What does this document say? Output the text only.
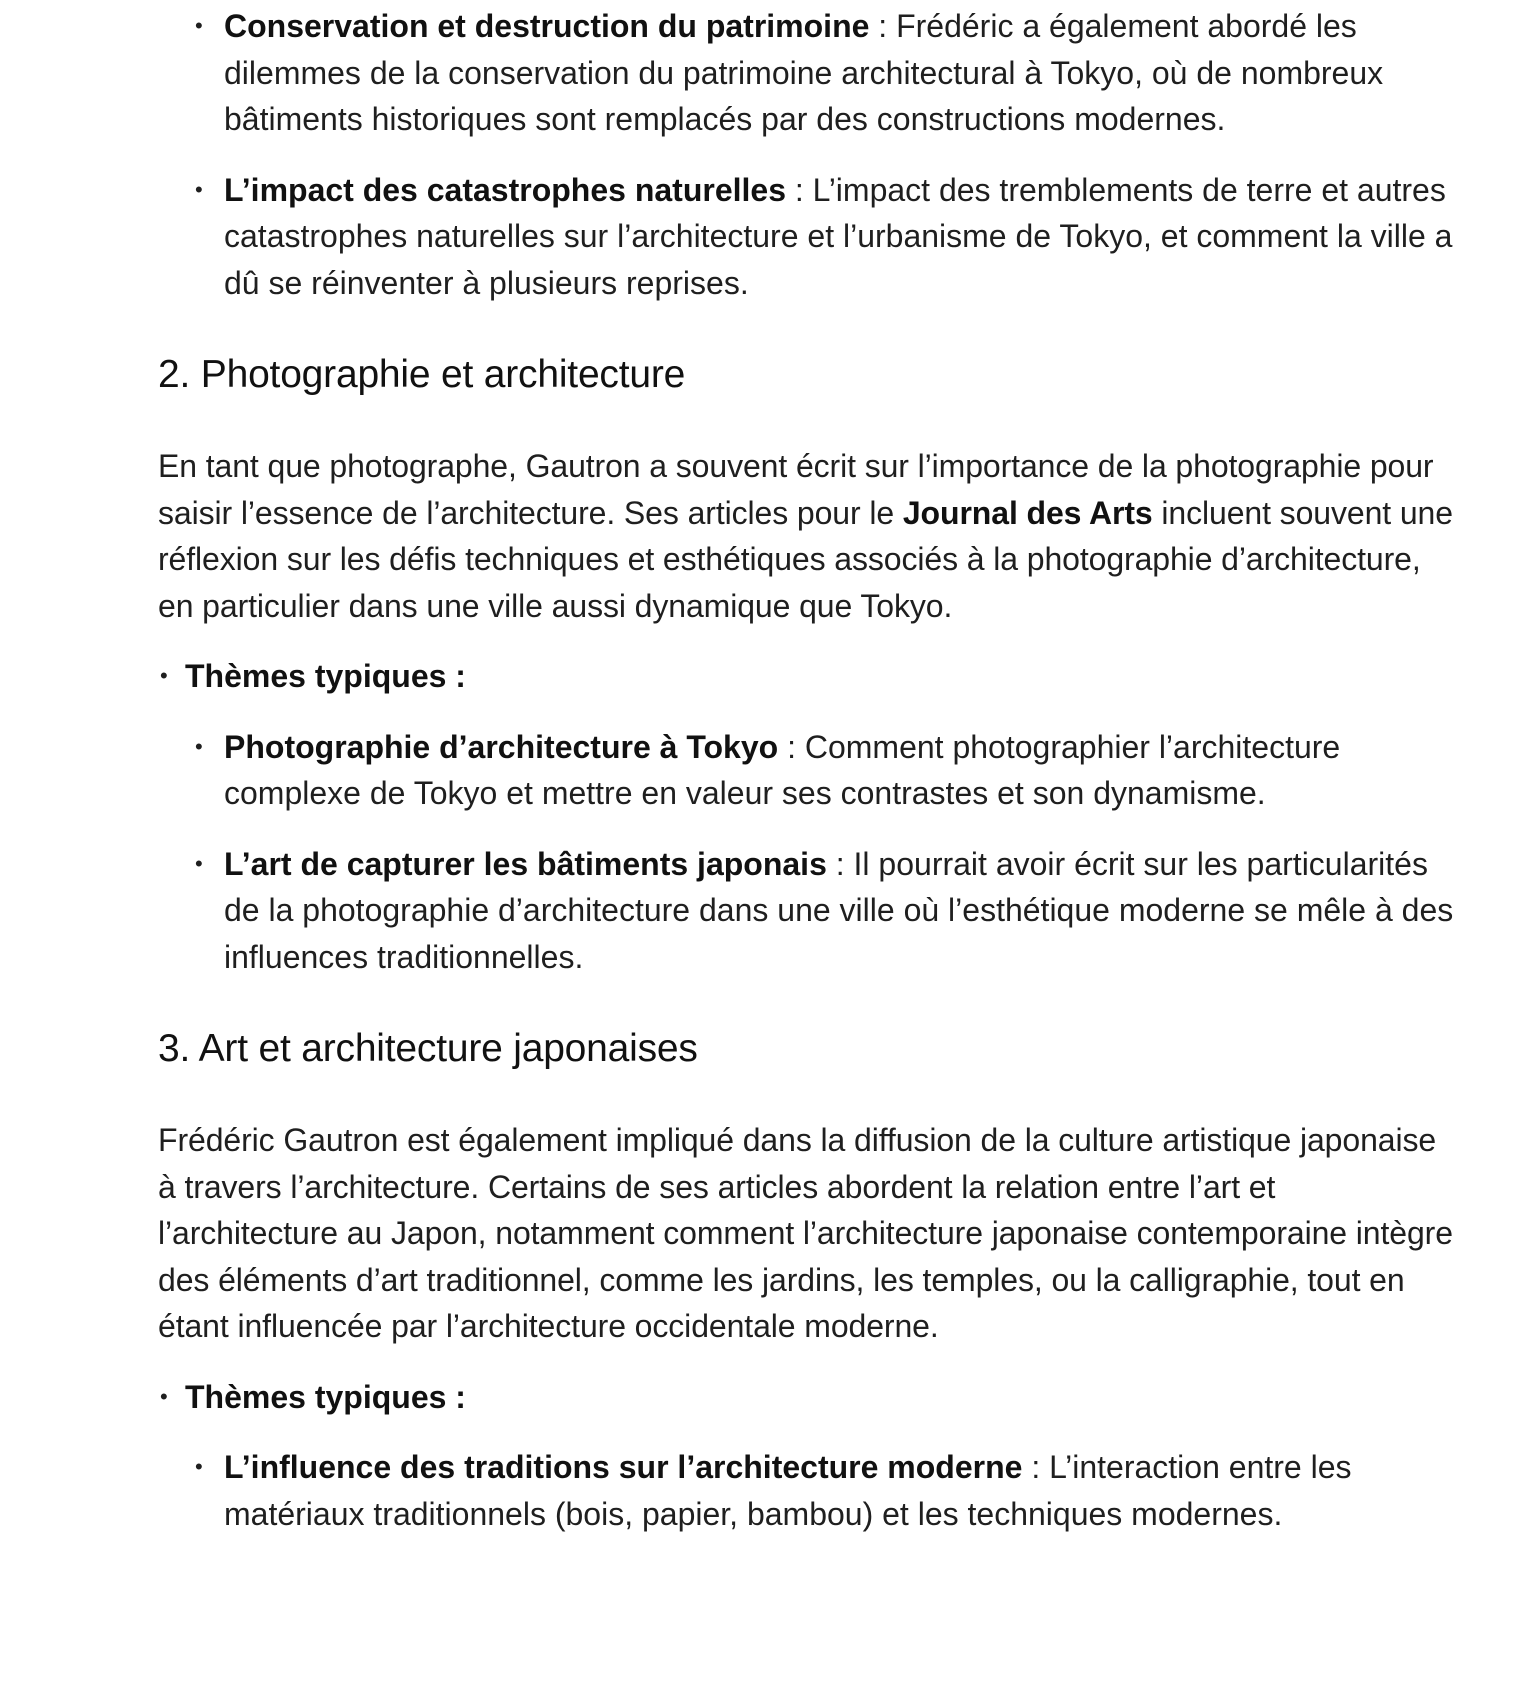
• Conservation et destruction du patrimoine : Frédéric a également abordé les dilemmes de la conservation du patrimoine architectural à Tokyo, où de nombreux bâtiments historiques sont remplacés par des constructions modernes.
• L’impact des catastrophes naturelles : L’impact des tremblements de terre et autres catastrophes naturelles sur l’architecture et l’urbanisme de Tokyo, et comment la ville a dû se réinventer à plusieurs reprises.
2. Photographie et architecture

En tant que photographe, Gautron a souvent écrit sur l’importance de la photographie pour saisir l’essence de l’architecture. Ses articles pour le Journal des Arts incluent souvent une réflexion sur les défis techniques et esthétiques associés à la photographie d’architecture, en particulier dans une ville aussi dynamique que Tokyo.

• Thèmes typiques :
• Photographie d’architecture à Tokyo : Comment photographier l’architecture complexe de Tokyo et mettre en valeur ses contrastes et son dynamisme.
• L’art de capturer les bâtiments japonais : Il pourrait avoir écrit sur les particularités de la photographie d’architecture dans une ville où l’esthétique moderne se mêle à des influences traditionnelles.
3. Art et architecture japonaises

Frédéric Gautron est également impliqué dans la diffusion de la culture artistique japonaise à travers l’architecture. Certains de ses articles abordent la relation entre l’art et l’architecture au Japon, notamment comment l’architecture japonaise contemporaine intègre des éléments d’art traditionnel, comme les jardins, les temples, ou la calligraphie, tout en étant influencée par l’architecture occidentale moderne.

• Thèmes typiques :
• L’influence des traditions sur l’architecture moderne : L’interaction entre les matériaux traditionnels (bois, papier, bambou) et les techniques modernes.
